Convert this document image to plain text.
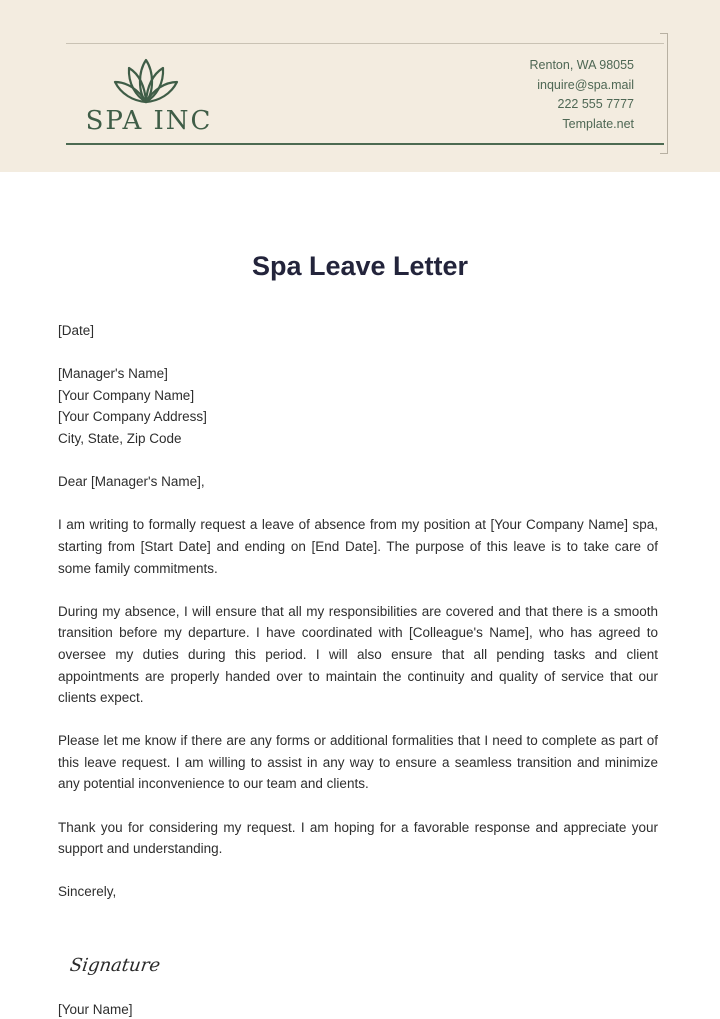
SPA INC
Renton, WA 98055
inquire@spa.mail
222 555 7777
Template.net
Spa Leave Letter

[Date]

[Manager's Name]
[Your Company Name]
[Your Company Address]
City, State, Zip Code

Dear [Manager's Name],

I am writing to formally request a leave of absence from my position at [Your Company Name] spa, starting from [Start Date] and ending on [End Date]. The purpose of this leave is to take care of some family commitments.

During my absence, I will ensure that all my responsibilities are covered and that there is a smooth transition before my departure. I have coordinated with [Colleague's Name], who has agreed to oversee my duties during this period. I will also ensure that all pending tasks and client appointments are properly handed over to maintain the continuity and quality of service that our clients expect.

Please let me know if there are any forms or additional formalities that I need to complete as part of this leave request. I am willing to assist in any way to ensure a seamless transition and minimize any potential inconvenience to our team and clients.

Thank you for considering my request. I am hoping for a favorable response and appreciate your support and understanding.

Sincerely,

Signature
[Your Name]
